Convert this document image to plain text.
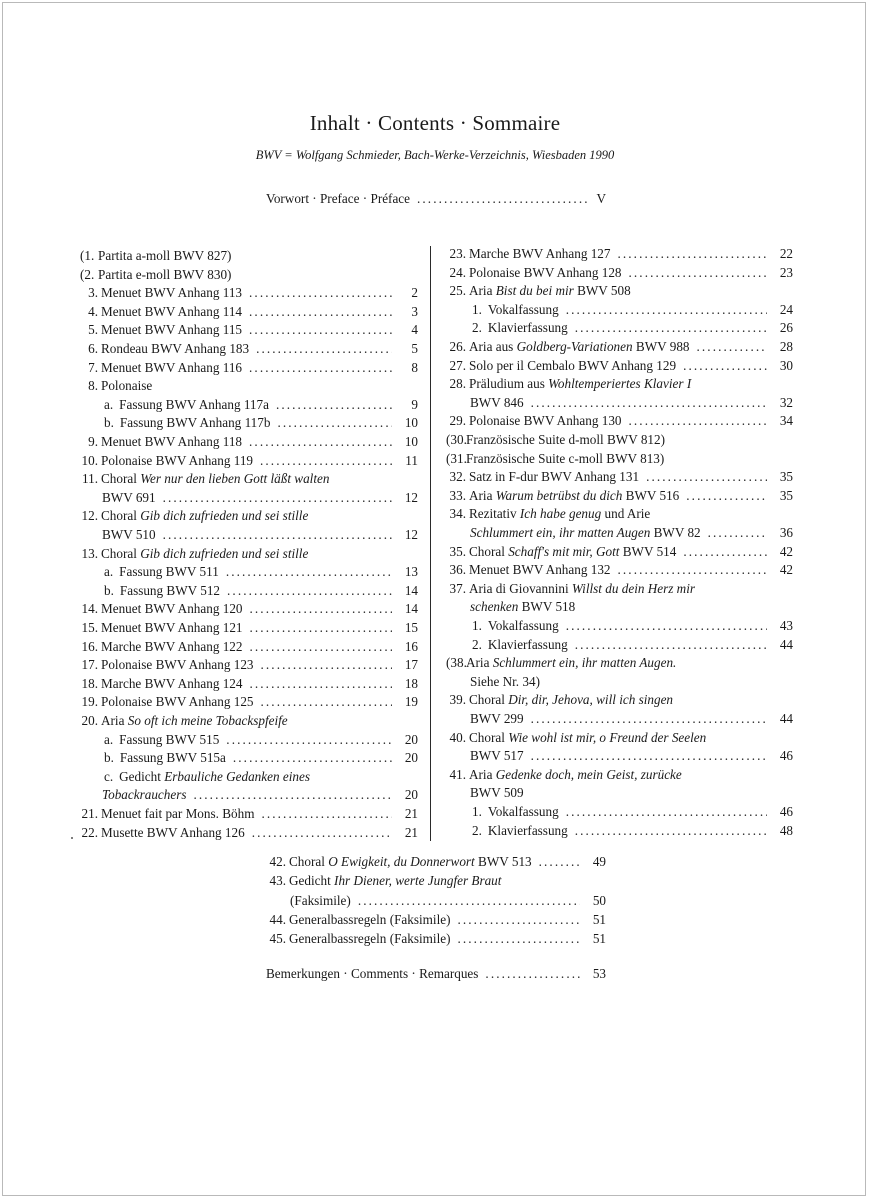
Inhalt · Contents · Sommaire
BWV = Wolfgang Schmieder, Bach-Werke-Verzeichnis, Wiesbaden 1990
Vorwort · Preface · Préface . . .	V
(1. Partita a-moll BWV 827)
(2. Partita e-moll BWV 830)
3. Menuet BWV Anhang 113 . . .	2
4. Menuet BWV Anhang 114 . . .	3
5. Menuet BWV Anhang 115 . . .	4
6. Rondeau BWV Anhang 183 . . .	5
7. Menuet BWV Anhang 116 . . .	8
8. Polonaise
a. Fassung BWV Anhang 117a . . .	9
b. Fassung BWV Anhang 117b . . .	10
9. Menuet BWV Anhang 118 . . .	10
10. Polonaise BWV Anhang 119 . . .	11
11. Choral Wer nur den lieben Gott läßt walten
BWV 691 . . .	12
12. Choral Gib dich zufrieden und sei stille
BWV 510 . . .	12
13. Choral Gib dich zufrieden und sei stille
a. Fassung BWV 511 . . .	13
b. Fassung BWV 512 . . .	14
14. Menuet BWV Anhang 120 . . .	14
15. Menuet BWV Anhang 121 . . .	15
16. Marche BWV Anhang 122 . . .	16
17. Polonaise BWV Anhang 123 . . .	17
18. Marche BWV Anhang 124 . . .	18
19. Polonaise BWV Anhang 125 . . .	19
20. Aria So oft ich meine Tobackspfeife
a. Fassung BWV 515 . . .	20
b. Fassung BWV 515a . . .	20
c. Gedicht Erbauliche Gedanken eines
Tobackrauchers . . .	20
21. Menuet fait par Mons. Böhm . . .	21
22. Musette BWV Anhang 126 . . .	21
23. Marche BWV Anhang 127 . . .	22
24. Polonaise BWV Anhang 128 . . .	23
25. Aria Bist du bei mir BWV 508
1. Vokalfassung . . .	24
2. Klavierfassung . . .	26
26. Aria aus Goldberg-Variationen BWV 988 . . .	28
27. Solo per il Cembalo BWV Anhang 129 . . .	30
28. Präludium aus Wohltemperiertes Klavier I
BWV 846 . . .	32
29. Polonaise BWV Anhang 130 . . .	34
(30. Französische Suite d-moll BWV 812)
(31. Französische Suite c-moll BWV 813)
32. Satz in F-dur BWV Anhang 131 . . .	35
33. Aria Warum betrübst du dich BWV 516 . . .	35
34. Rezitativ Ich habe genug und Arie
Schlummert ein, ihr matten Augen BWV 82 . . .	36
35. Choral Schaff's mit mir, Gott BWV 514 . . .	42
36. Menuet BWV Anhang 132 . . .	42
37. Aria di Giovannini Willst du dein Herz mir
schenken BWV 518
1. Vokalfassung . . .	43
2. Klavierfassung . . .	44
(38. Aria Schlummert ein, ihr matten Augen.
Siehe Nr. 34)
39. Choral Dir, dir, Jehova, will ich singen
BWV 299 . . .	44
40. Choral Wie wohl ist mir, o Freund der Seelen
BWV 517 . . .	46
41. Aria Gedenke doch, mein Geist, zurücke
BWV 509
1. Vokalfassung . . .	46
2. Klavierfassung . . .	48
42. Choral O Ewigkeit, du Donnerwort BWV 513 . . .	49
43. Gedicht Ihr Diener, werte Jungfer Braut
(Faksimile) . . .	50
44. Generalbassregeln (Faksimile) . . .	51
45. Generalbassregeln (Faksimile) . . .	51
Bemerkungen · Comments · Remarques . . .	53
